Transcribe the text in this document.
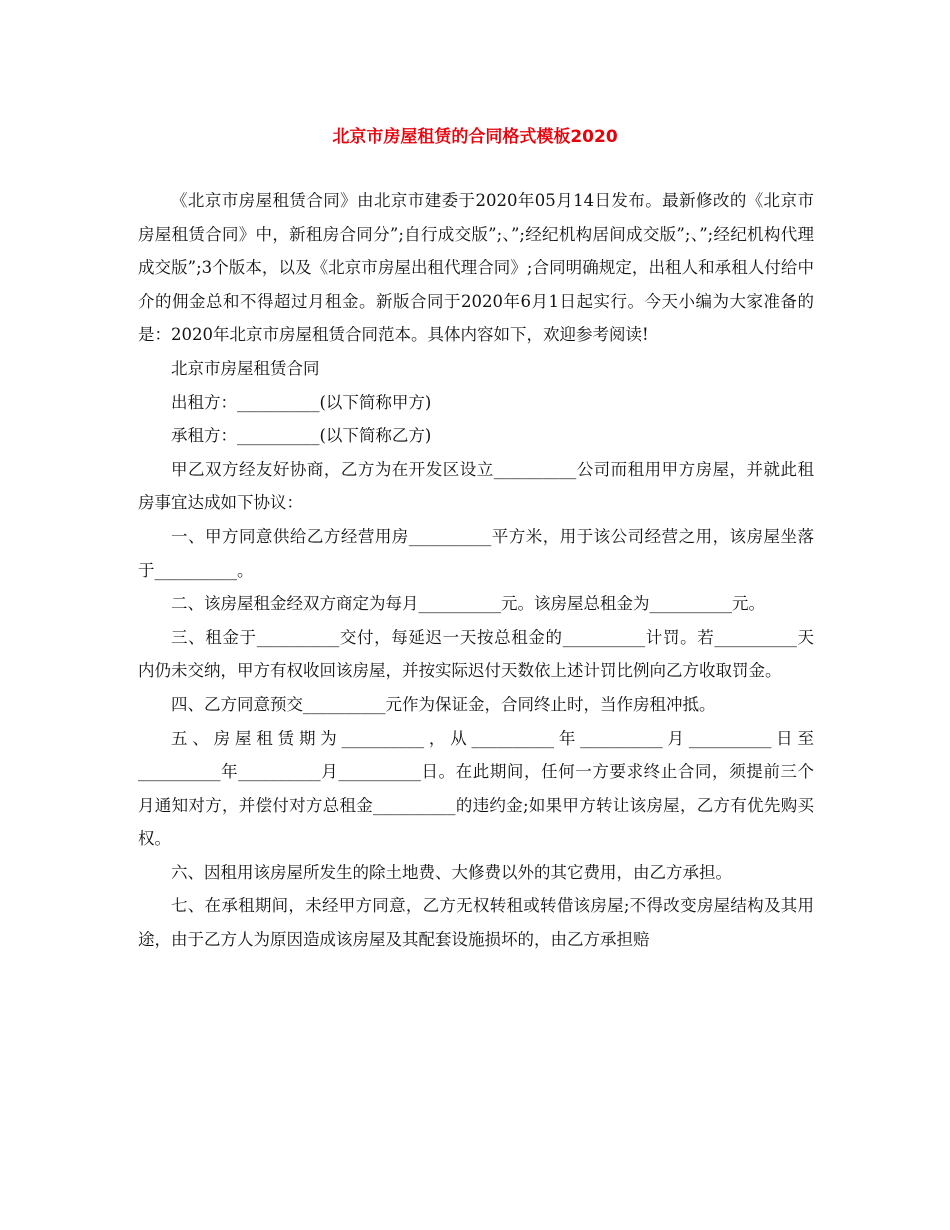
北京市房屋租赁的合同格式模板2020

《北京市房屋租赁合同》由北京市建委于2020年05月14日发布。最新修改的《北京市房屋租赁合同》中，新租房合同分”;自行成交版”;、”;经纪机构居间成交版”;、”;经纪机构代理成交版”;3个版本，以及《北京市房屋出租代理合同》;合同明确规定，出租人和承租人付给中介的佣金总和不得超过月租金。新版合同于2020年6月1日起实行。今天小编为大家准备的是：2020年北京市房屋租赁合同范本。具体内容如下，欢迎参考阅读!

北京市房屋租赁合同

出租方：__________(以下简称甲方)

承租方：__________(以下简称乙方)

甲乙双方经友好协商，乙方为在开发区设立__________公司而租用甲方房屋，并就此租房事宜达成如下协议：

一、甲方同意供给乙方经营用房__________平方米，用于该公司经营之用，该房屋坐落于__________。

二、该房屋租金经双方商定为每月__________元。该房屋总租金为__________元。

三、租金于__________交付，每延迟一天按总租金的__________计罚。若__________天内仍未交纳，甲方有权收回该房屋，并按实际迟付天数依上述计罚比例向乙方收取罚金。

四、乙方同意预交__________元作为保证金，合同终止时，当作房租冲抵。

五、房屋租赁期为__________，从__________年__________月__________日至__________年__________月__________日。在此期间，任何一方要求终止合同，须提前三个月通知对方，并偿付对方总租金__________的违约金;如果甲方转让该房屋，乙方有优先购买权。

六、因租用该房屋所发生的除土地费、大修费以外的其它费用，由乙方承担。

七、在承租期间，未经甲方同意，乙方无权转租或转借该房屋;不得改变房屋结构及其用途，由于乙方人为原因造成该房屋及其配套设施损坏的，由乙方承担赔
